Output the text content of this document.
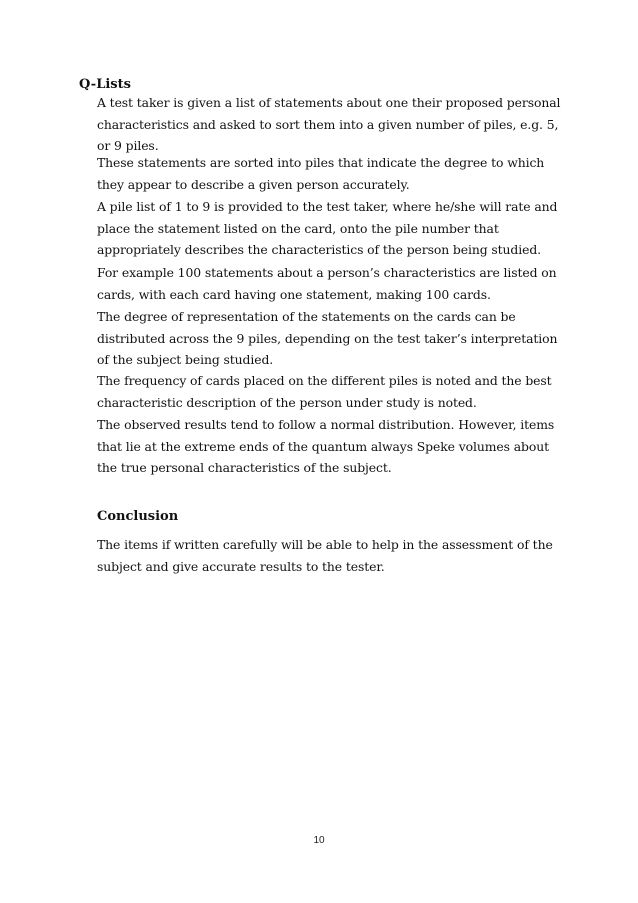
Q-Lists

A test taker is given a list of statements about one their proposed personal characteristics and asked to sort them into a given number of piles, e.g. 5, or 9 piles.

These statements are sorted into piles that indicate the degree to which they appear to describe a given person accurately.

A pile list of 1 to 9 is provided to the test taker, where he/she will rate and place the statement listed on the card, onto the pile number that appropriately describes the characteristics of the person being studied.

For example 100 statements about a person’s characteristics are listed on cards, with each card having one statement, making 100 cards.

The degree of representation of the statements on the cards can be distributed across the 9 piles, depending on the test taker’s interpretation of the subject being studied.

The frequency of cards placed on the different piles is noted and the best characteristic description of the person under study is noted.

The observed results tend to follow a normal distribution. However, items that lie at the extreme ends of the quantum always Speke volumes about the true personal characteristics of the subject.

Conclusion

The items if written carefully will be able to help in the assessment of the subject and give accurate results to the tester.

10
